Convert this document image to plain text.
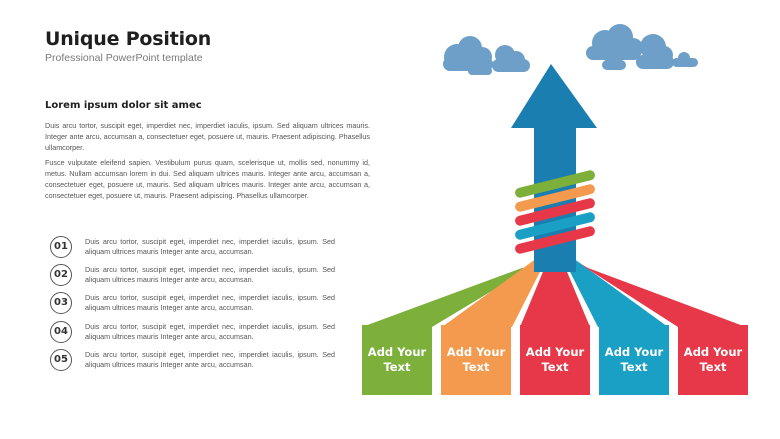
Unique Position
Professional PowerPoint template
Lorem ipsum dolor sit amec

Duis arcu tortor, suscipit eget, imperdiet nec, imperdiet iaculis, ipsum. Sed aliquam ultrices mauris. Integer ante arcu, accumsan a, consectetuer eget, posuere ut, mauris. Praesent adipiscing. Phasellus ullamcorper.

Fusce vulputate eleifend sapien. Vestibulum purus quam, scelerisque ut, mollis sed, nonummy id, metus. Nullam accumsan lorem in dui. Sed aliquam ultrices mauris. Integer ante arcu, accumsan a, consectetuer eget, posuere ut, mauris. Sed aliquam ultrices mauris. Integer ante arcu, accumsan a, consectetuer eget, posuere ut, mauris. Praesent adipiscing. Phasellus ullamcorper.

01	Duis arcu tortor, suscipit eget, imperdiet nec, imperdiet iaculis, ipsum. Sed aliquam ultrices mauris Integer ante arcu, accumsan.

02	Duis arcu tortor, suscipit eget, imperdiet nec, imperdiet iaculis, ipsum. Sed aliquam ultrices mauris Integer ante arcu, accumsan.

03	Duis arcu tortor, suscipit eget, imperdiet nec, imperdiet iaculis, ipsum. Sed aliquam ultrices mauris Integer ante arcu, accumsan.

04	Duis arcu tortor, suscipit eget, imperdiet nec, imperdiet iaculis, ipsum. Sed aliquam ultrices mauris Integer ante arcu, accumsan.

05	Duis arcu tortor, suscipit eget, imperdiet nec, imperdiet iaculis, ipsum. Sed aliquam ultrices mauris Integer ante arcu, accumsan.

Add Your Text
Add Your Text
Add Your Text
Add Your Text
Add Your Text
